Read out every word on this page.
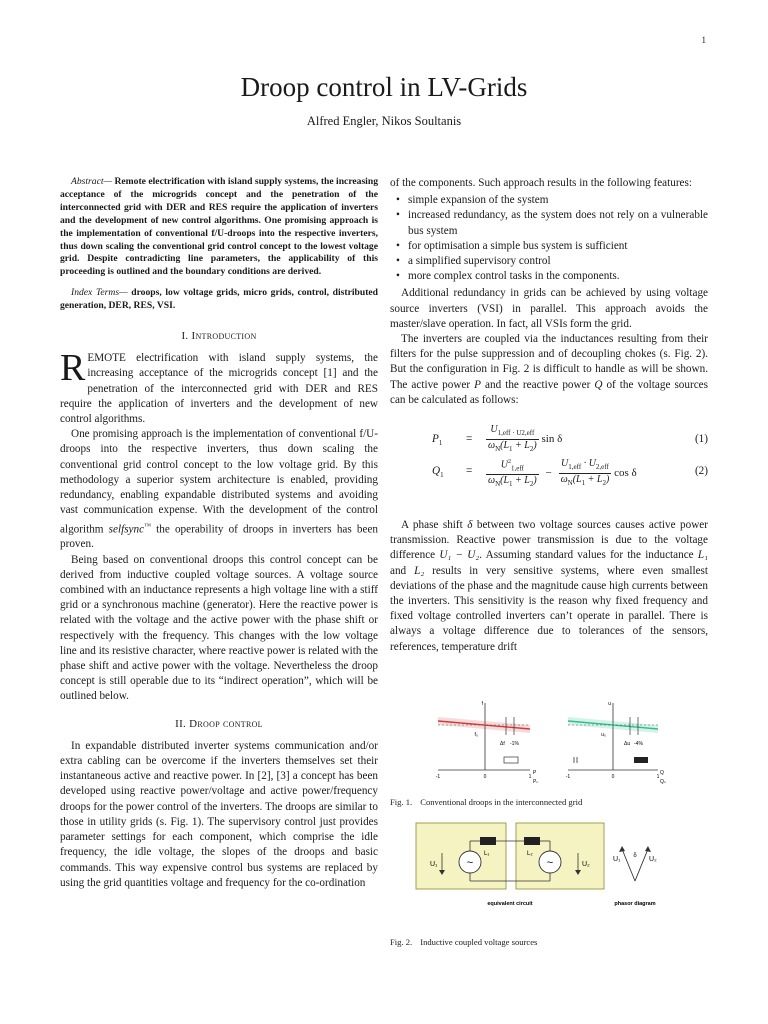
1
Droop control in LV-Grids
Alfred Engler, Nikos Soultanis

Abstract— Remote electrification with island supply systems, the increasing acceptance of the microgrids concept and the penetration of the interconnected grid with DER and RES require the application of inverters and the development of new control algorithms. One promising approach is the implementation of conventional f/U-droops into the respective inverters, thus down scaling the conventional grid control concept to the lowest voltage grid. Despite contradicting line parameters, the applicability of this proceeding is outlined and the boundary conditions are derived.

Index Terms— droops, low voltage grids, micro grids, control, distributed generation, DER, RES, VSI.

I. Introduction
REMOTE electrification with island supply systems, the increasing acceptance of the microgrids concept [1] and the penetration of the interconnected grid with DER and RES require the application of inverters and the development of new control algorithms.

One promising approach is the implementation of conventional f/U-droops into the respective inverters, thus down scaling the conventional grid control concept to the low voltage grid. By this methodology a superior system architecture is enabled, providing redundancy, enabling expandable distributed systems and avoiding vast communication expense. With the development of the control algorithm selfsync™ the operability of droops in inverters has been proven.

Being based on conventional droops this control concept can be derived from inductive coupled voltage sources. A voltage source combined with an inductance represents a high voltage line with a stiff grid or a synchronous machine (generator). Here the reactive power is related with the voltage and the active power with the phase shift or respectively with the frequency. This changes with the low voltage line and its resistive character, where reactive power is related with the phase shift and active power with the voltage. Nevertheless the droop concept is still operable due to its “indirect operation”, which will be outlined below.

II. Droop control

In expandable distributed inverter systems communication and/or extra cabling can be overcome if the inverters themselves set their instantaneous active and reactive power. In [2], [3] a concept has been developed using reactive power/voltage and active power/frequency droops for the power control of the inverters. The droops are similar to those in utility grids (s. Fig. 1). The supervisory control just provides parameter settings for each component, which comprise the idle frequency, the idle voltage, the slopes of the droops and basic commands. This way expensive control bus systems are replaced by using the grid quantities voltage and frequency for the co-ordination

of the components. Such approach results in the following features:

• simple expansion of the system
• increased redundancy, as the system does not rely on a vulnerable bus system
• for optimisation a simple bus system is sufficient
• a simplified supervisory control
• more complex control tasks in the components.

Additional redundancy in grids can be achieved by using voltage source inverters (VSI) in parallel. This approach avoids the master/slave operation. In fact, all VSIs form the grid.

The inverters are coupled via the inductances resulting from their filters for the pulse suppression and of decoupling chokes (s. Fig. 2). But the configuration in Fig. 2 is difficult to handle as will be shown. The active power P and the reactive power Q of the voltage sources can be calculated as follows:

$P_1 = \frac{U_{1,eff \cdot U2,eff}}{\omega_N(L_1 + L_2)}$ sin δ	(1)
$Q_1 = \frac{U^2_{1,eff}}{\omega_N(L_1 + L_2)} - \frac{U_{1,eff} \cdot U_{2,eff}}{\omega_N(L_1 + L_2)}$ cos δ	(2)

A phase shift δ between two voltage sources causes active power transmission. Reactive power transmission is due to the voltage difference U₁ − U₂. Assuming standard values for the inductance L₁ and L₂ results in very sensitive systems, where even smallest deviations of the phase and the magnitude cause high currents between the inverters. This sensitivity is the reason why fixed frequency and fixed voltage controlled inverters can’t operate in parallel. There is always a voltage difference due to tolerances of the sensors, references, temperature drift

f
f₀
Δf -1%
-1	0	1
P
Pₙ
u
u₀
Δu -4%
-1	0	1
Q
Qₙ
Fig. 1. Conventional droops in the interconnected grid
~	~
U₁	U₂
L₁	L₂
equivalent circuit
U₁	U₂
δ
phasor diagram
Fig. 2. Inductive coupled voltage sources
